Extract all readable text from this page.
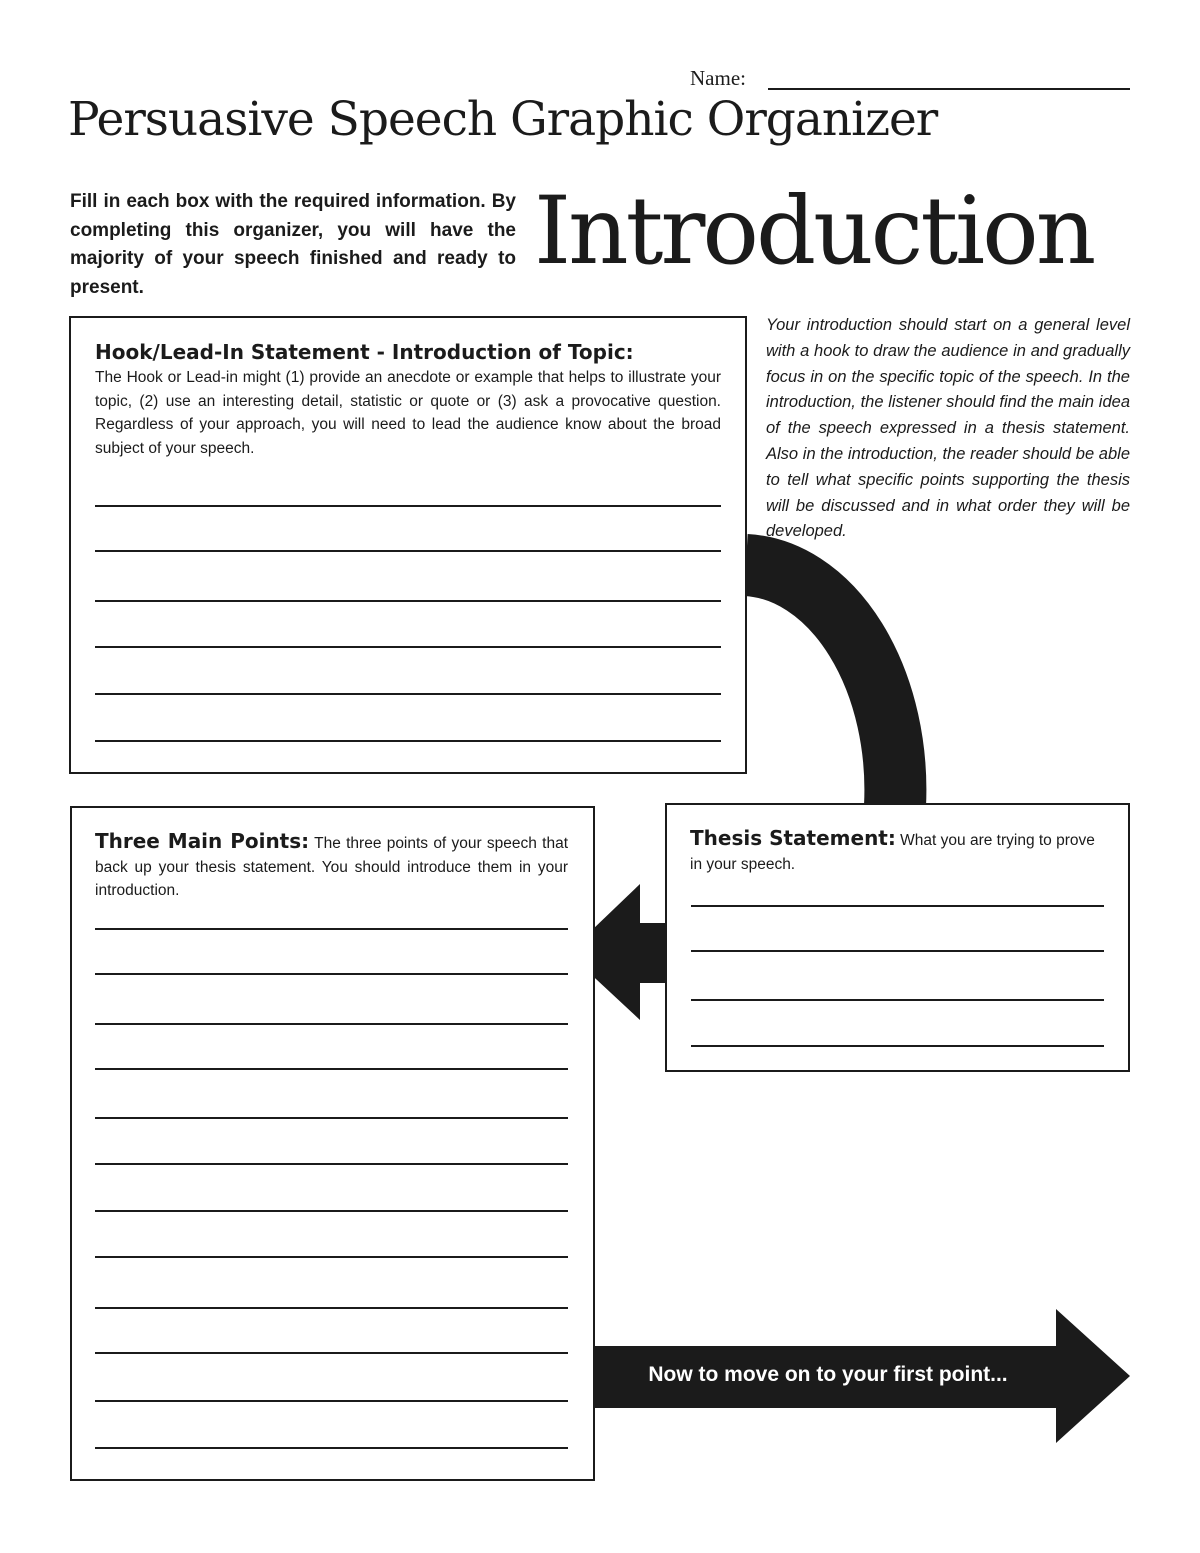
Name:
Persuasive Speech Graphic Organizer
Introduction
Fill in each box with the required information. By completing this organizer, you will have the majority of your speech finished and ready to present.
Your introduction should start on a general level with a hook to draw the audience in and gradually focus in on the specific topic of the speech. In the introduction, the listener should find the main idea of the speech expressed in a thesis statement. Also in the introduction, the reader should be able to tell what specific points supporting the thesis will be discussed and in what order they will be developed.
Hook/Lead-In Statement - Introduction of Topic:
The Hook or Lead-in might (1) provide an anecdote or example that helps to illustrate your topic, (2) use an interesting detail, statistic or quote or (3) ask a provocative question. Regardless of your approach, you will need to lead the audience know about the broad subject of your speech.
Three Main Points: The three points of your speech that back up your thesis statement. You should introduce them in your introduction.
Thesis Statement: What you are trying to prove in your speech.
Now to move on to your first point...
